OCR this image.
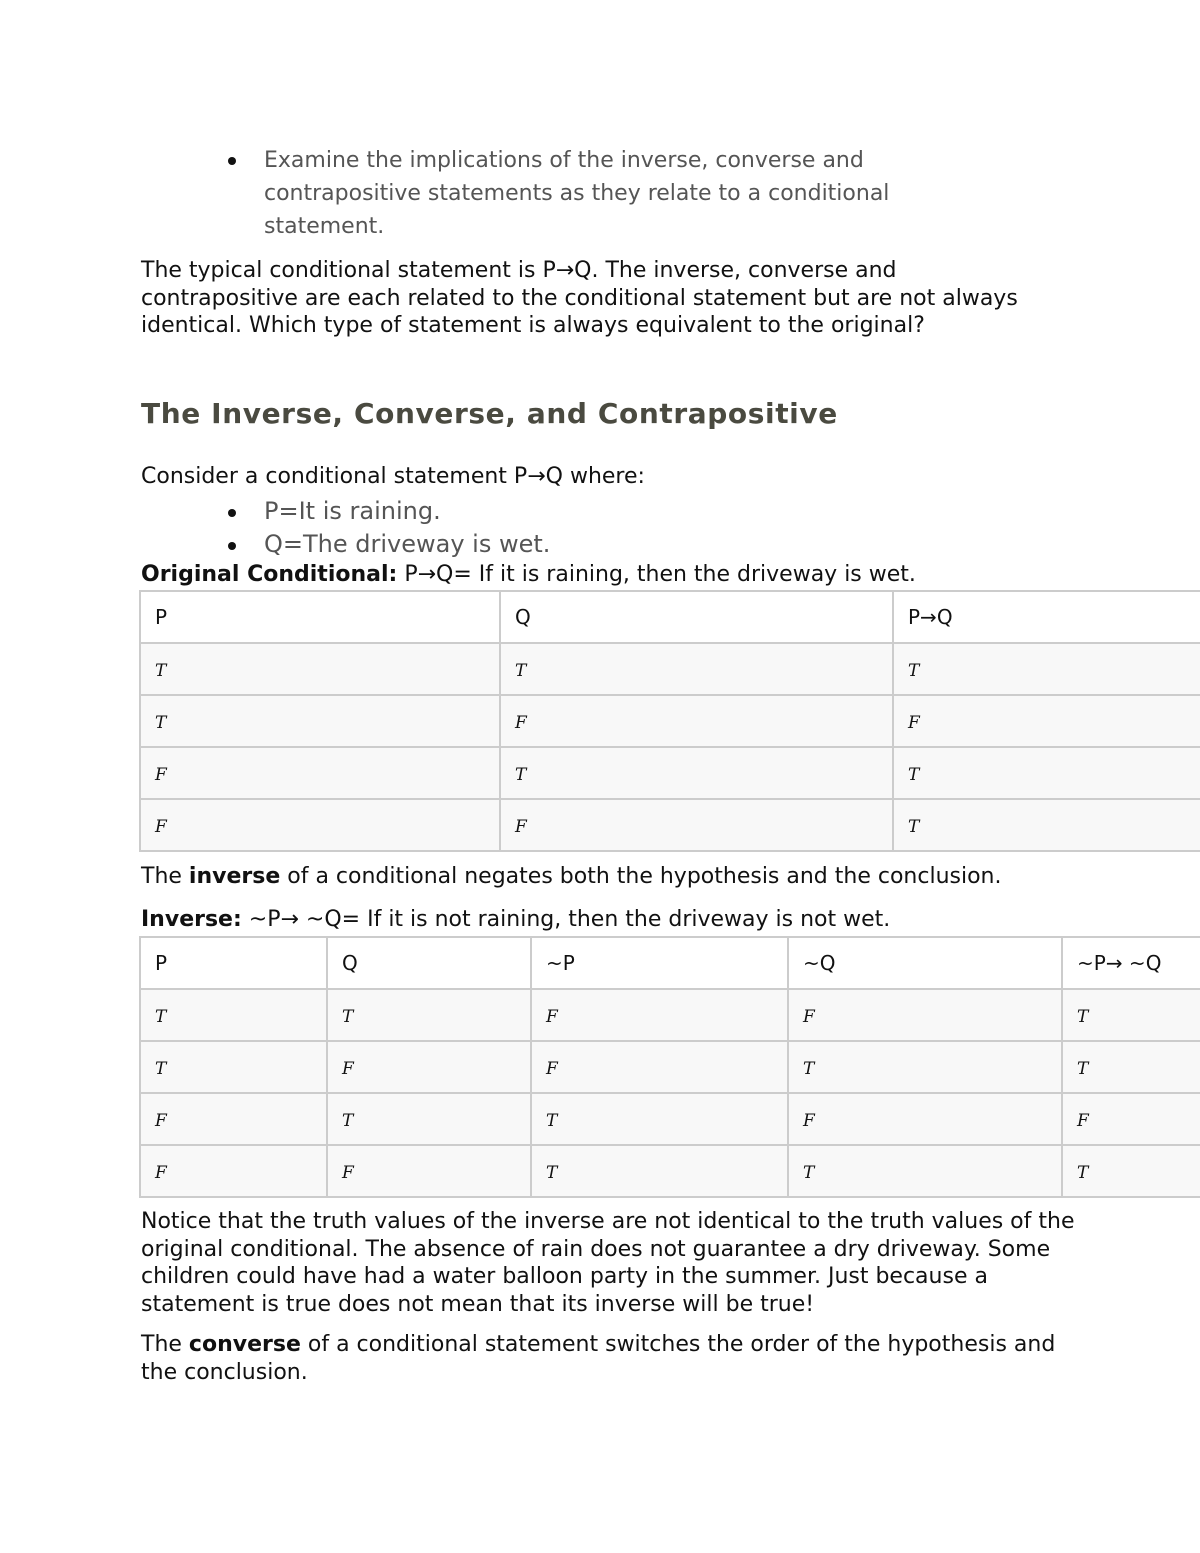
Examine the implications of the inverse, converse and contrapositive statements as they relate to a conditional statement.

The typical conditional statement is P→Q. The inverse, converse and contrapositive are each related to the conditional statement but are not always identical. Which type of statement is always equivalent to the original?

The Inverse, Converse, and Contrapositive

Consider a conditional statement P→Q where:

P=It is raining.
Q=The driveway is wet.

Original Conditional: P→Q= If it is raining, then the driveway is wet.

P	Q	P→Q
T	T	T
T	F	F
F	T	T
F	F	T

The inverse of a conditional negates both the hypothesis and the conclusion.

Inverse: ~P→ ~Q= If it is not raining, then the driveway is not wet.

P	Q	~P	~Q	~P→ ~Q
T	T	F	F	T
T	F	F	T	T
F	T	T	F	F
F	F	T	T	T

Notice that the truth values of the inverse are not identical to the truth values of the original conditional. The absence of rain does not guarantee a dry driveway. Some children could have had a water balloon party in the summer. Just because a statement is true does not mean that its inverse will be true!

The converse of a conditional statement switches the order of the hypothesis and the conclusion.
